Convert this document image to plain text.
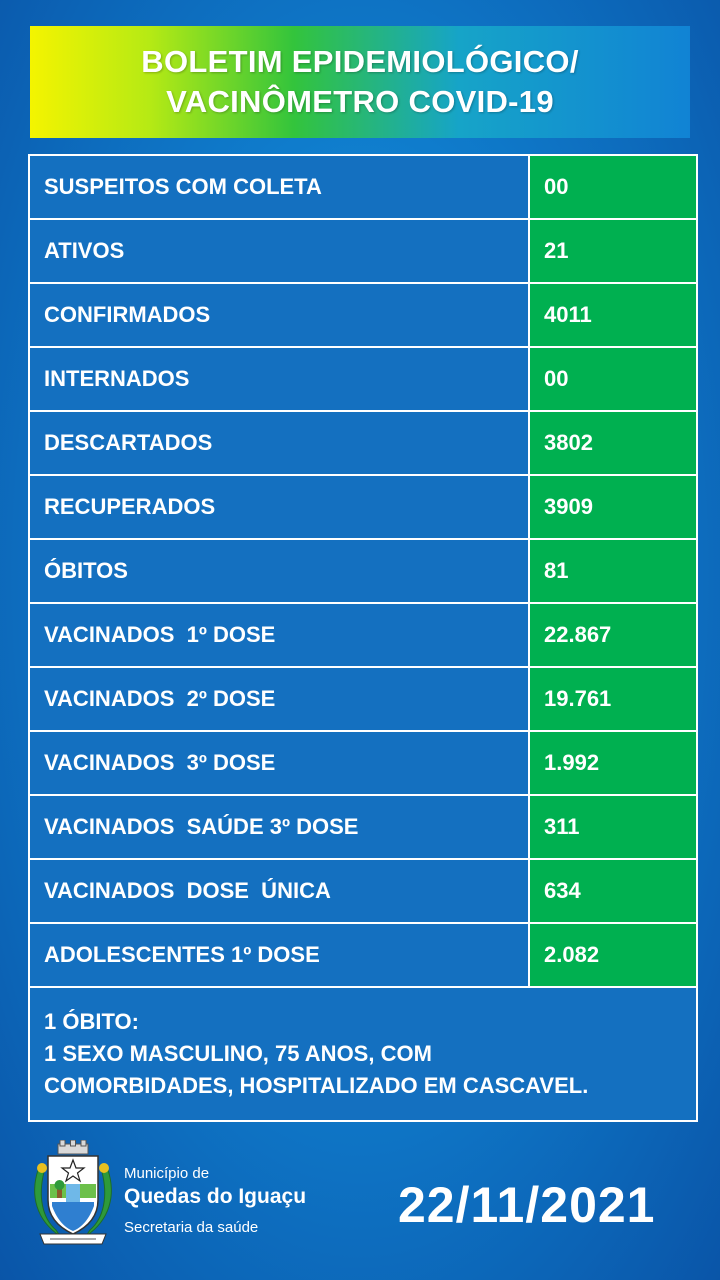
BOLETIM EPIDEMIOLÓGICO/
VACINÔMETRO COVID-19
SUSPEITOS COM COLETA	00
ATIVOS	21
CONFIRMADOS	4011
INTERNADOS	00
DESCARTADOS	3802
RECUPERADOS	3909
ÓBITOS	81
VACINADOS  1º DOSE	22.867
VACINADOS  2º DOSE	19.761
VACINADOS  3º DOSE	1.992
VACINADOS  SAÚDE 3º DOSE	311
VACINADOS  DOSE  ÚNICA	634
ADOLESCENTES 1º DOSE	2.082
1 ÓBITO:
1 SEXO MASCULINO, 75 ANOS, COM
COMORBIDADES, HOSPITALIZADO EM CASCAVEL.
Município de
Quedas do Iguaçu
Secretaria da saúde	22/11/2021
